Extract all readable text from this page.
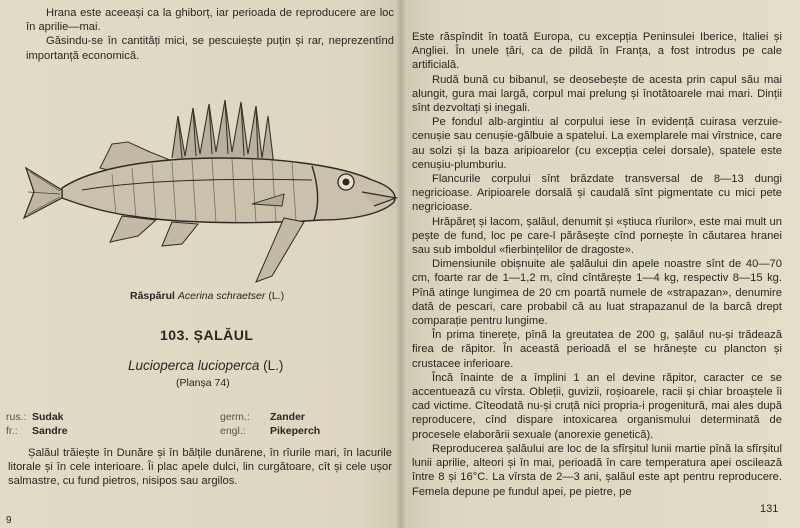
Hrana este aceeași ca la ghiborț, iar perioada de reproducere are loc în aprilie—mai.

Găsindu-se în cantități mici, se pescuiește puțin și rar, neprezentînd importanță economică.

Răspărul Acerina schraetser (L.)
103. ȘALĂUL
Lucioperca lucioperca (L.)
(Planșa 74)
rus.: Sudak	germ.:	Zander
fr.:	Sandre	engl.:	Pikeperch

Șalăul trăiește în Dunăre și în bălțile dunărene, în rîurile mari, în lacurile litorale și în cele interioare. Îi plac apele dulci, lin curgătoare, cît și cele ușor salmastre, cu fund pietros, nisipos sau argilos.

9

Este răspîndit în toată Europa, cu excepția Peninsulei Iberice, Italiei și Angliei. În unele țări, ca de pildă în Franța, a fost introdus pe cale artificială.

Rudă bună cu bibanul, se deosebește de acesta prin capul său mai alungit, gura mai largă, corpul mai prelung și înotătoarele mai mari. Dinții sînt dezvoltați și inegali.

Pe fondul alb-argintiu al corpului iese în evidență cuirasa verzuie-cenușie sau cenușie-gălbuie a spatelui. La exemplarele mai vîrstnice, care au solzi și la baza aripioarelor (cu excepția celei dorsale), spatele este cenușiu-plumburiu.

Flancurile corpului sînt brăzdate transversal de 8—13 dungi negricioase. Aripioarele dorsală și caudală sînt pigmentate cu mici pete negricioase.

Hrăpăreț și lacom, șalăul, denumit și «știuca rîurilor», este mai mult un pește de fund, loc pe care-l părăsește cînd pornește în căutarea hranei sau sub imboldul «fierbințelilor de dragoste».

Dimensiunile obișnuite ale șalăului din apele noastre sînt de 40—70 cm, foarte rar de 1—1,2 m, cînd cîntărește 1—4 kg, respectiv 8—15 kg. Pînă atinge lungimea de 20 cm poartă numele de «strapazan», denumire dată de pescari, care probabil că au luat strapazanul de la barcă drept comparație pentru lungime.

În prima tinerețe, pînă la greutatea de 200 g, șalăul nu-și trădează firea de răpitor. În această perioadă el se hrănește cu plancton și crustacee inferioare.

Încă înainte de a împlini 1 an el devine răpitor, caracter ce se accentuează cu vîrsta. Obleții, guvizii, roșioarele, racii și chiar broaștele îi cad victime. Cîteodată nu-și cruță nici propria-i progenitură, mai ales după reproducere, cînd dispare intoxicarea organismului determinată de procesele elaborării sexuale (anorexie genetică).

Reproducerea șalăului are loc de la sfîrșitul lunii martie pînă la sfîrșitul lunii aprilie, alteori și în mai, perioadă în care temperatura apei oscilează între 8 și 16°C. La vîrsta de 2—3 ani, șalăul este apt pentru reproducere. Femela depune pe fundul apei, pe pietre, pe

131
